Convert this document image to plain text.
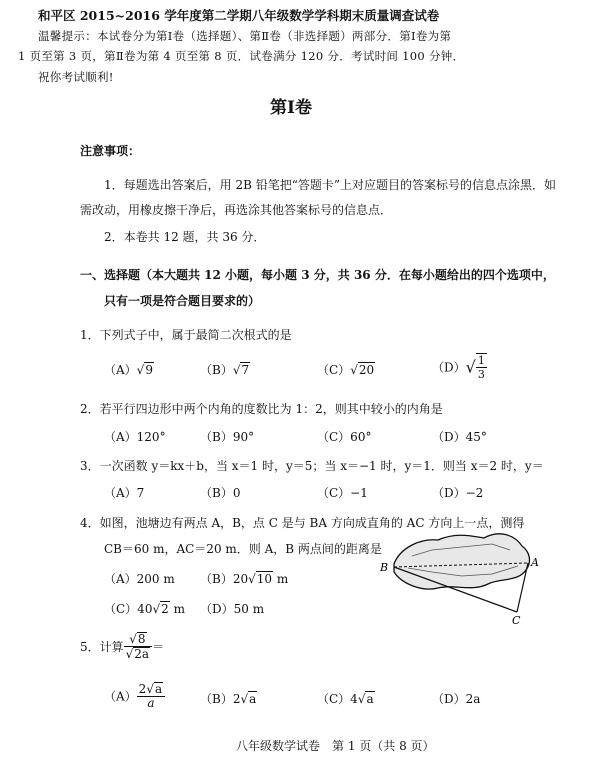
和平区 2015~2016 学年度第二学期八年级数学学科期末质量调查试卷
温馨提示：本试卷分为第Ⅰ卷（选择题）、第Ⅱ卷（非选择题）两部分．第Ⅰ卷为第
1 页至第 3 页，第Ⅱ卷为第 4 页至第 8 页．试卷满分 120 分．考试时间 100 分钟．
祝你考试顺利!
第Ⅰ卷
注意事项：
1．每题选出答案后，用 2B 铅笔把“答题卡”上对应题目的答案标号的信息点涂黑．如
需改动，用橡皮擦干净后，再选涂其他答案标号的信息点．
2．本卷共 12 题，共 36 分．
一、选择题（本大题共 12 小题，每小题 3 分，共 36 分．在每小题给出的四个选项中，
只有一项是符合题目要求的）
1．下列式子中，属于最简二次根式的是
（A）√9	（B）√7	（C）√20	$(D)√ \frac{1}{3}$
2．若平行四边形中两个内角的度数比为 1：2，则其中较小的内角是
（A）120°	（B）90°	（C）60°	（D）45°
3．一次函数 y＝kx＋b，当 x＝1 时，y＝5；当 x＝−1 时，y＝1．则当 x＝2 时，y＝
（A）7	（B）0	（C）−1	（D）−2
4．如图，池塘边有两点 A，B，点 C 是与 BA 方向成直角的 AC 方向上一点，测得
CB＝60 m，AC＝20 m．则 A，B 两点间的距离是
（A）200 m （B）20√10 m
（C）40√2 m （D）50 m
B	A
C
5．计算 $\frac{√8}{√2a}$ ＝
$(A) \frac{2√a}{a}$	（B）2√a	（C）4√a	（D）2a
八年级数学试卷　第 1 页（共 8 页）
